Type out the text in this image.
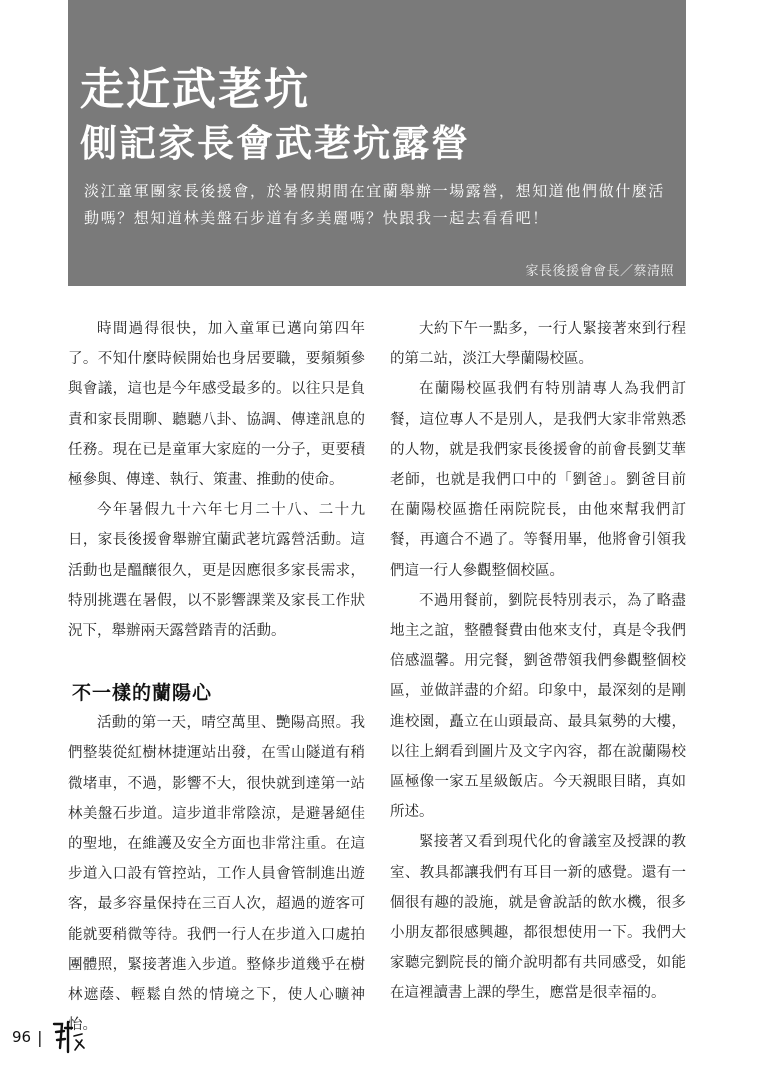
走近武荖坑
側記家長會武荖坑露營
淡江童軍團家長後援會，於暑假期間在宜蘭舉辦一場露營，想知道他們做什麼活動嗎？想知道林美盤石步道有多美麗嗎？快跟我一起去看看吧！
家長後援會會長／蔡清照

時間過得很快，加入童軍已邁向第四年了。不知什麼時候開始也身居要職，要頻頻參與會議，這也是今年感受最多的。以往只是負責和家長閒聊、聽聽八卦、協調、傳達訊息的任務。現在已是童軍大家庭的一分子，更要積極參與、傳達、執行、策畫、推動的使命。

今年暑假九十六年七月二十八、二十九日，家長後援會舉辦宜蘭武荖坑露營活動。這活動也是醞釀很久，更是因應很多家長需求，特別挑選在暑假，以不影響課業及家長工作狀況下，舉辦兩天露營踏青的活動。

不一樣的蘭陽心

活動的第一天，晴空萬里、艷陽高照。我們整裝從紅樹林捷運站出發，在雪山隧道有稍微堵車，不過，影響不大，很快就到達第一站林美盤石步道。這步道非常陰涼，是避暑絕佳的聖地，在維護及安全方面也非常注重。在這步道入口設有管控站，工作人員會管制進出遊客，最多容量保持在三百人次，超過的遊客可能就要稍微等待。我們一行人在步道入口處拍團體照，緊接著進入步道。整條步道幾乎在樹林遮蔭、輕鬆自然的情境之下，使人心曠神怡。

大約下午一點多，一行人緊接著來到行程的第二站，淡江大學蘭陽校區。

在蘭陽校區我們有特別請專人為我們訂餐，這位專人不是別人，是我們大家非常熟悉的人物，就是我們家長後援會的前會長劉艾華老師，也就是我們口中的「劉爸」。劉爸目前在蘭陽校區擔任兩院院長，由他來幫我們訂餐，再適合不過了。等餐用畢，他將會引領我們這一行人參觀整個校區。

不過用餐前，劉院長特別表示，為了略盡地主之誼，整體餐費由他來支付，真是令我們倍感溫馨。用完餐，劉爸帶領我們參觀整個校區，並做詳盡的介紹。印象中，最深刻的是剛進校園，矗立在山頭最高、最具氣勢的大樓，以往上網看到圖片及文字內容，都在說蘭陽校區極像一家五星級飯店。今天親眼目睹，真如所述。

緊接著又看到現代化的會議室及授課的教室、教具都讓我們有耳目一新的感覺。還有一個很有趣的設施，就是會說話的飲水機，很多小朋友都很感興趣，都很想使用一下。我們大家聽完劉院長的簡介說明都有共同感受，如能在這裡讀書上課的學生，應當是很幸福的。

96 |
